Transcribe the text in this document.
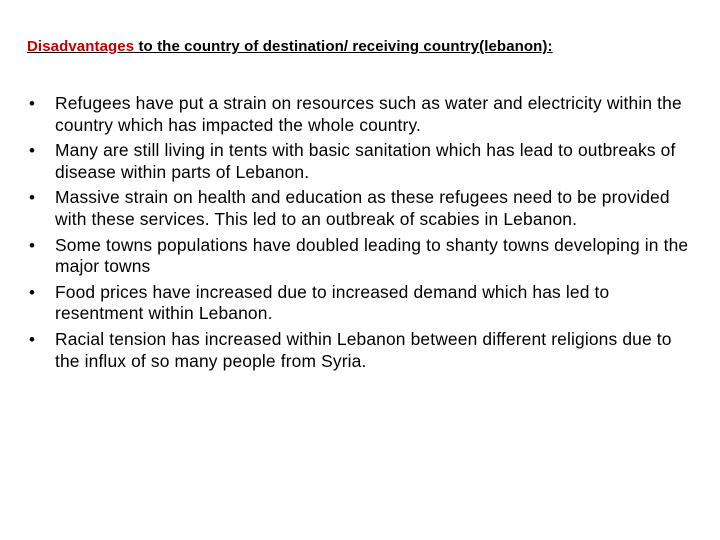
Disadvantages to the country of destination/ receiving country(lebanon):
• Refugees have put a strain on resources such as water and electricity within the country which has impacted the whole country.
• Many are still living in tents with basic sanitation which has lead to outbreaks of disease within parts of Lebanon.
• Massive strain on health and education as these refugees need to be provided with these services. This led to an outbreak of scabies in Lebanon.
• Some towns populations have doubled leading to shanty towns developing in the major towns
• Food prices have increased due to increased demand which has led to resentment within Lebanon.
• Racial tension has increased within Lebanon between different religions due to the influx of so many people from Syria.
